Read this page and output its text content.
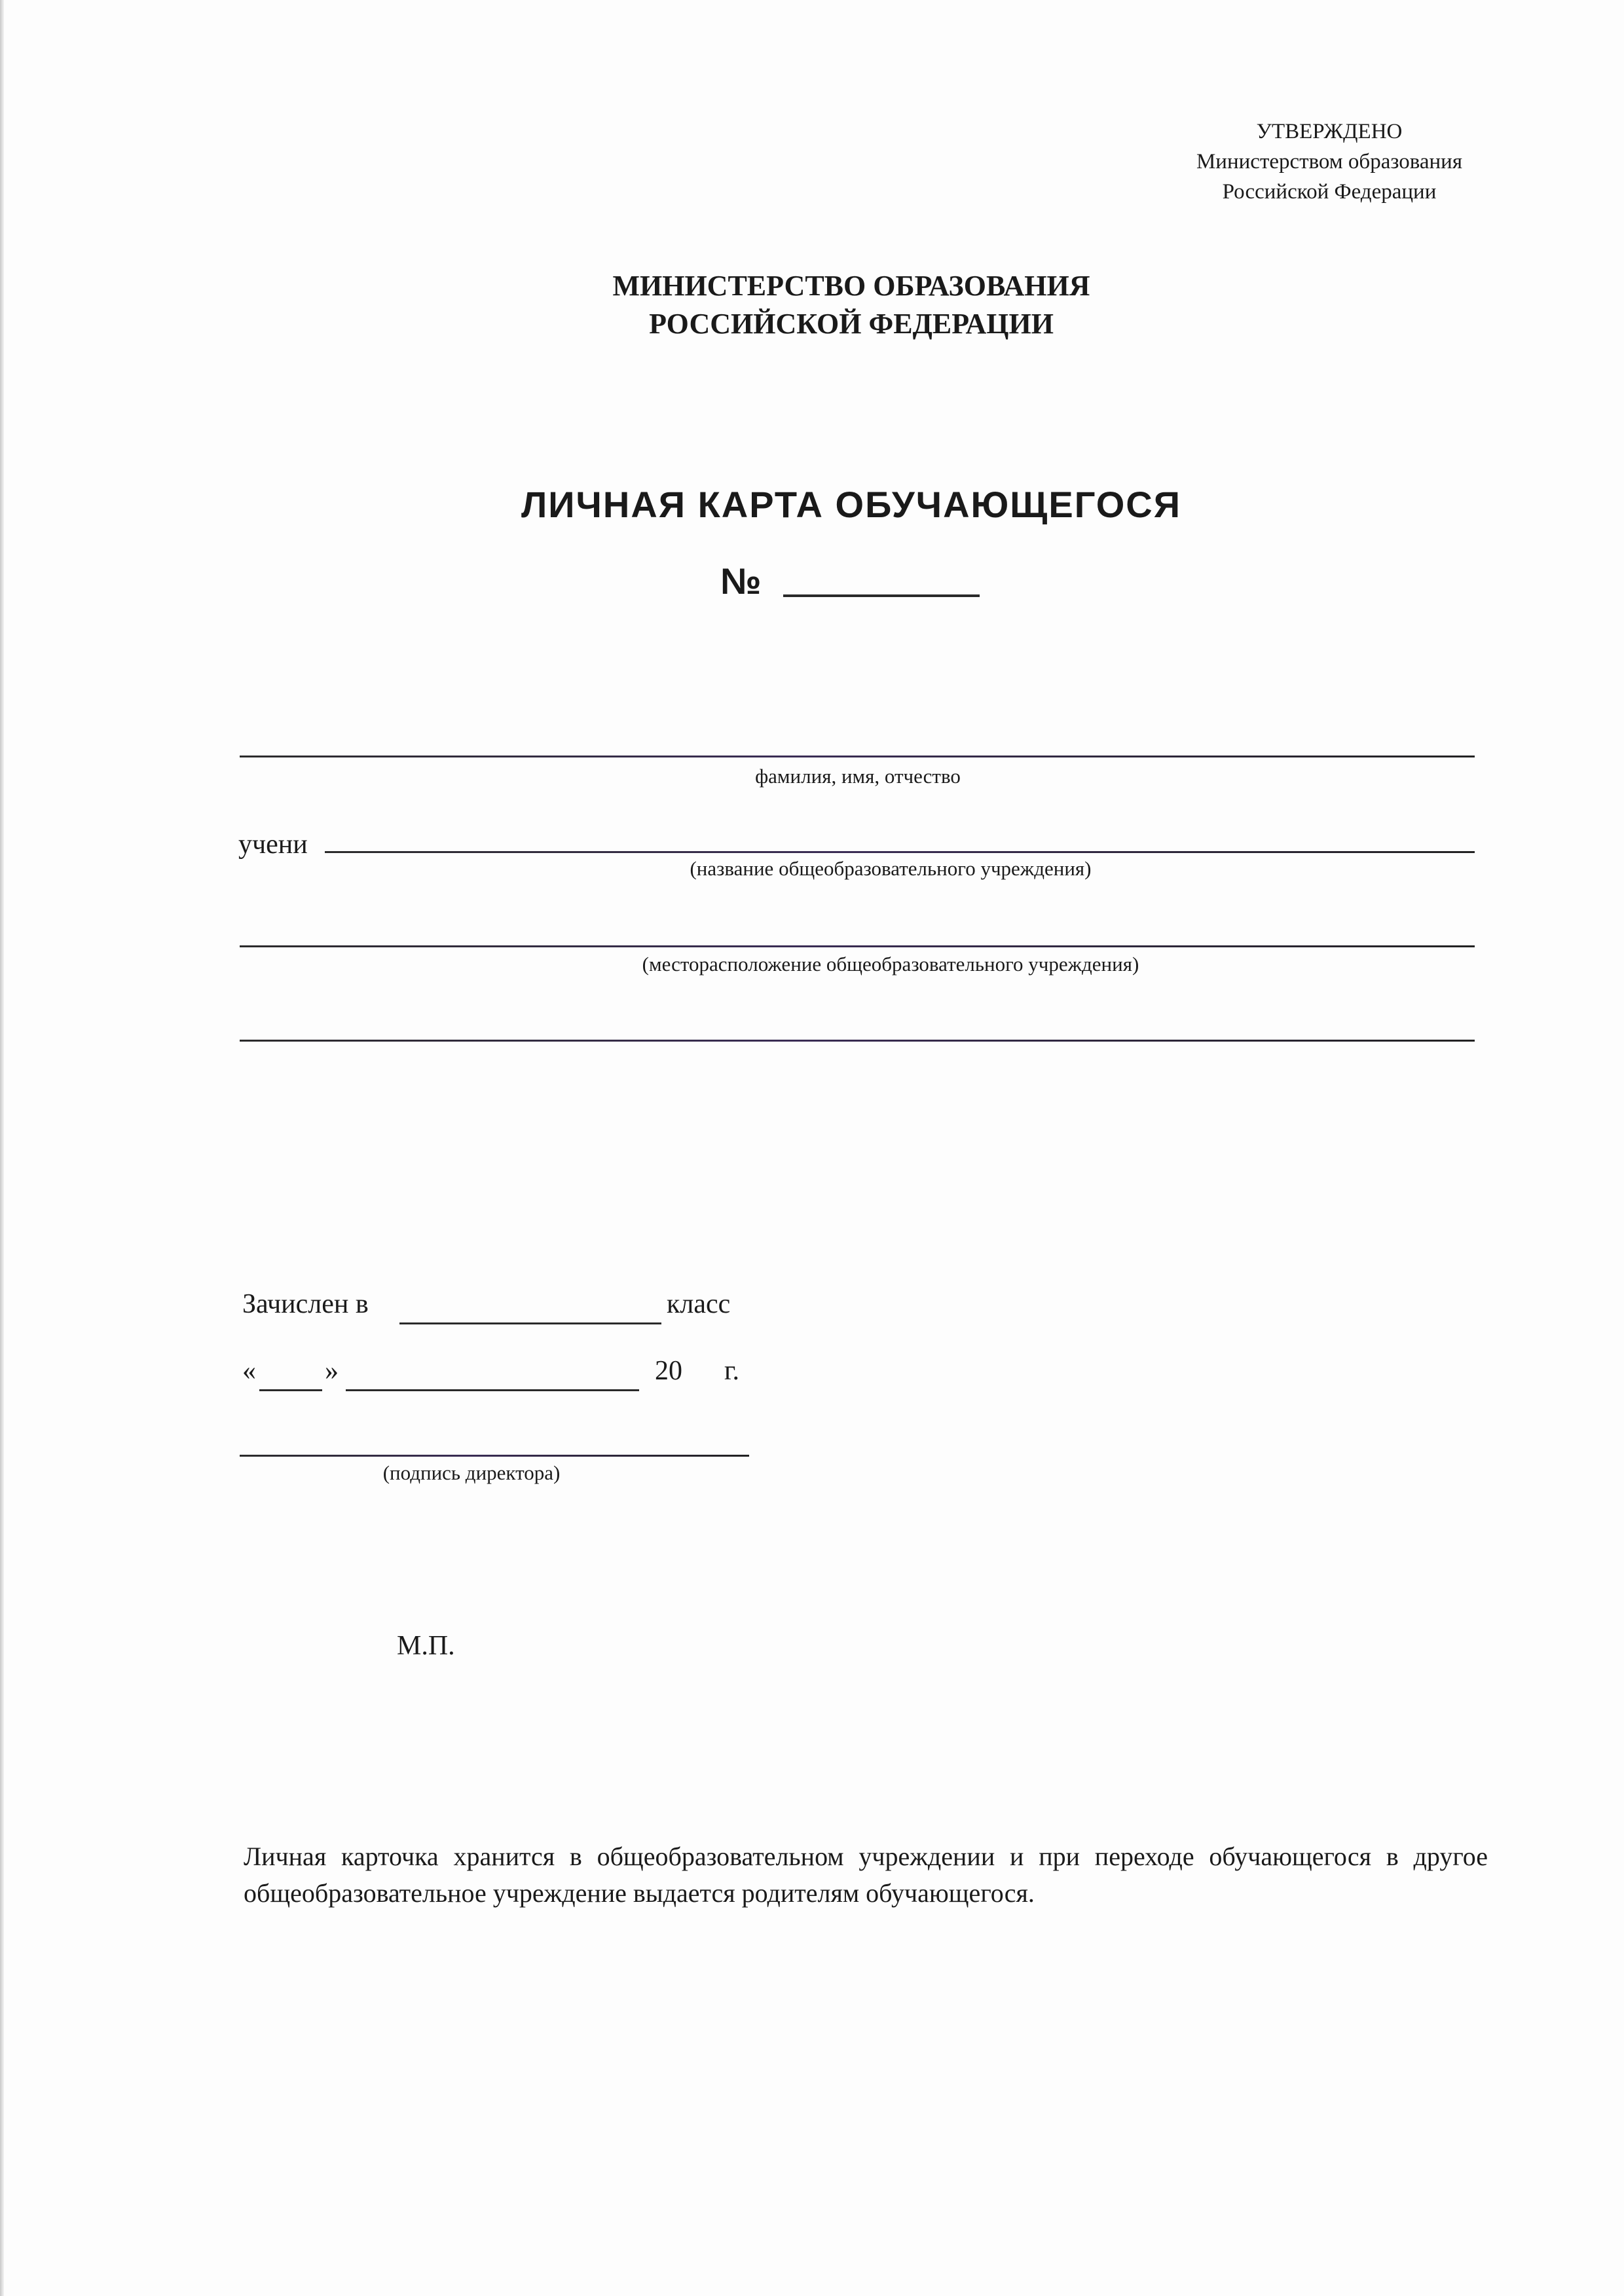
УТВЕРЖДЕНО
Министерством образования
Российской Федерации
МИНИСТЕРСТВО ОБРАЗОВАНИЯ
РОССИЙСКОЙ ФЕДЕРАЦИИ
ЛИЧНАЯ КАРТА ОБУЧАЮЩЕГОСЯ
№
фамилия, имя, отчество
учени
(название общеобразовательного учреждения)
(месторасположение общеобразовательного учреждения)
Зачислен в	класс
«	»	20 г.
(подпись директора)
М.П.
Личная карточка хранится в общеобразовательном учреждении и при переходе обучающегося в другое общеобразовательное учреждение выдается родителям обучающегося.
